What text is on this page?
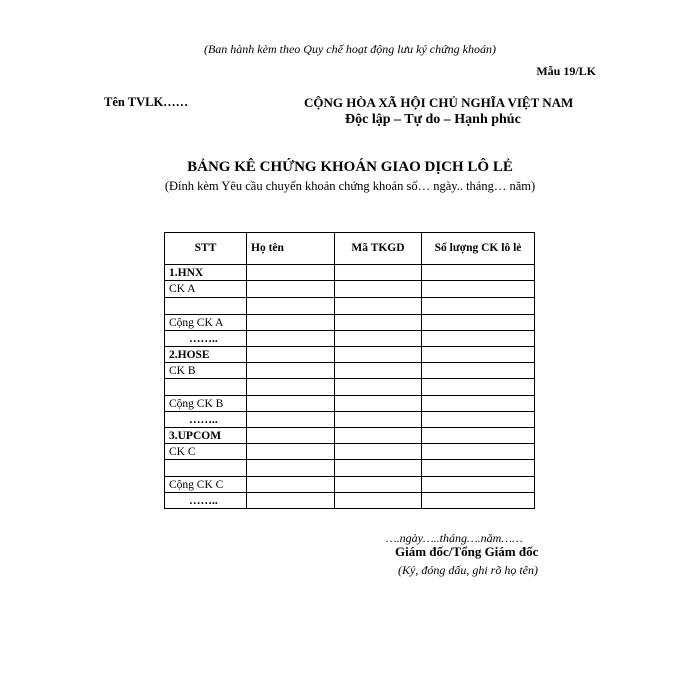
(Ban hành kèm theo Quy chế hoạt động lưu ký chứng khoán)
Mẫu 19/LK
Tên TVLK……	CỘNG HÒA XÃ HỘI CHỦ NGHĨA VIỆT NAM
Độc lập – Tự do – Hạnh phúc
BẢNG KÊ CHỨNG KHOÁN GIAO DỊCH LÔ LẺ
(Đính kèm Yêu cầu chuyển khoản chứng khoán số… ngày.. tháng… năm)
STT	Họ tên	Mã TKGD	Số lượng CK lô lẻ
1.HNX			
CK A			

Cộng CK A			
……..			
2.HOSE			
CK B			

Cộng CK B			
……..			
3.UPCOM			
CK C			

Cộng CK C			
……..			
….ngày…..tháng….năm……
Giám đốc/Tổng Giám đốc
(Ký, đóng dấu, ghi rõ họ tên)
